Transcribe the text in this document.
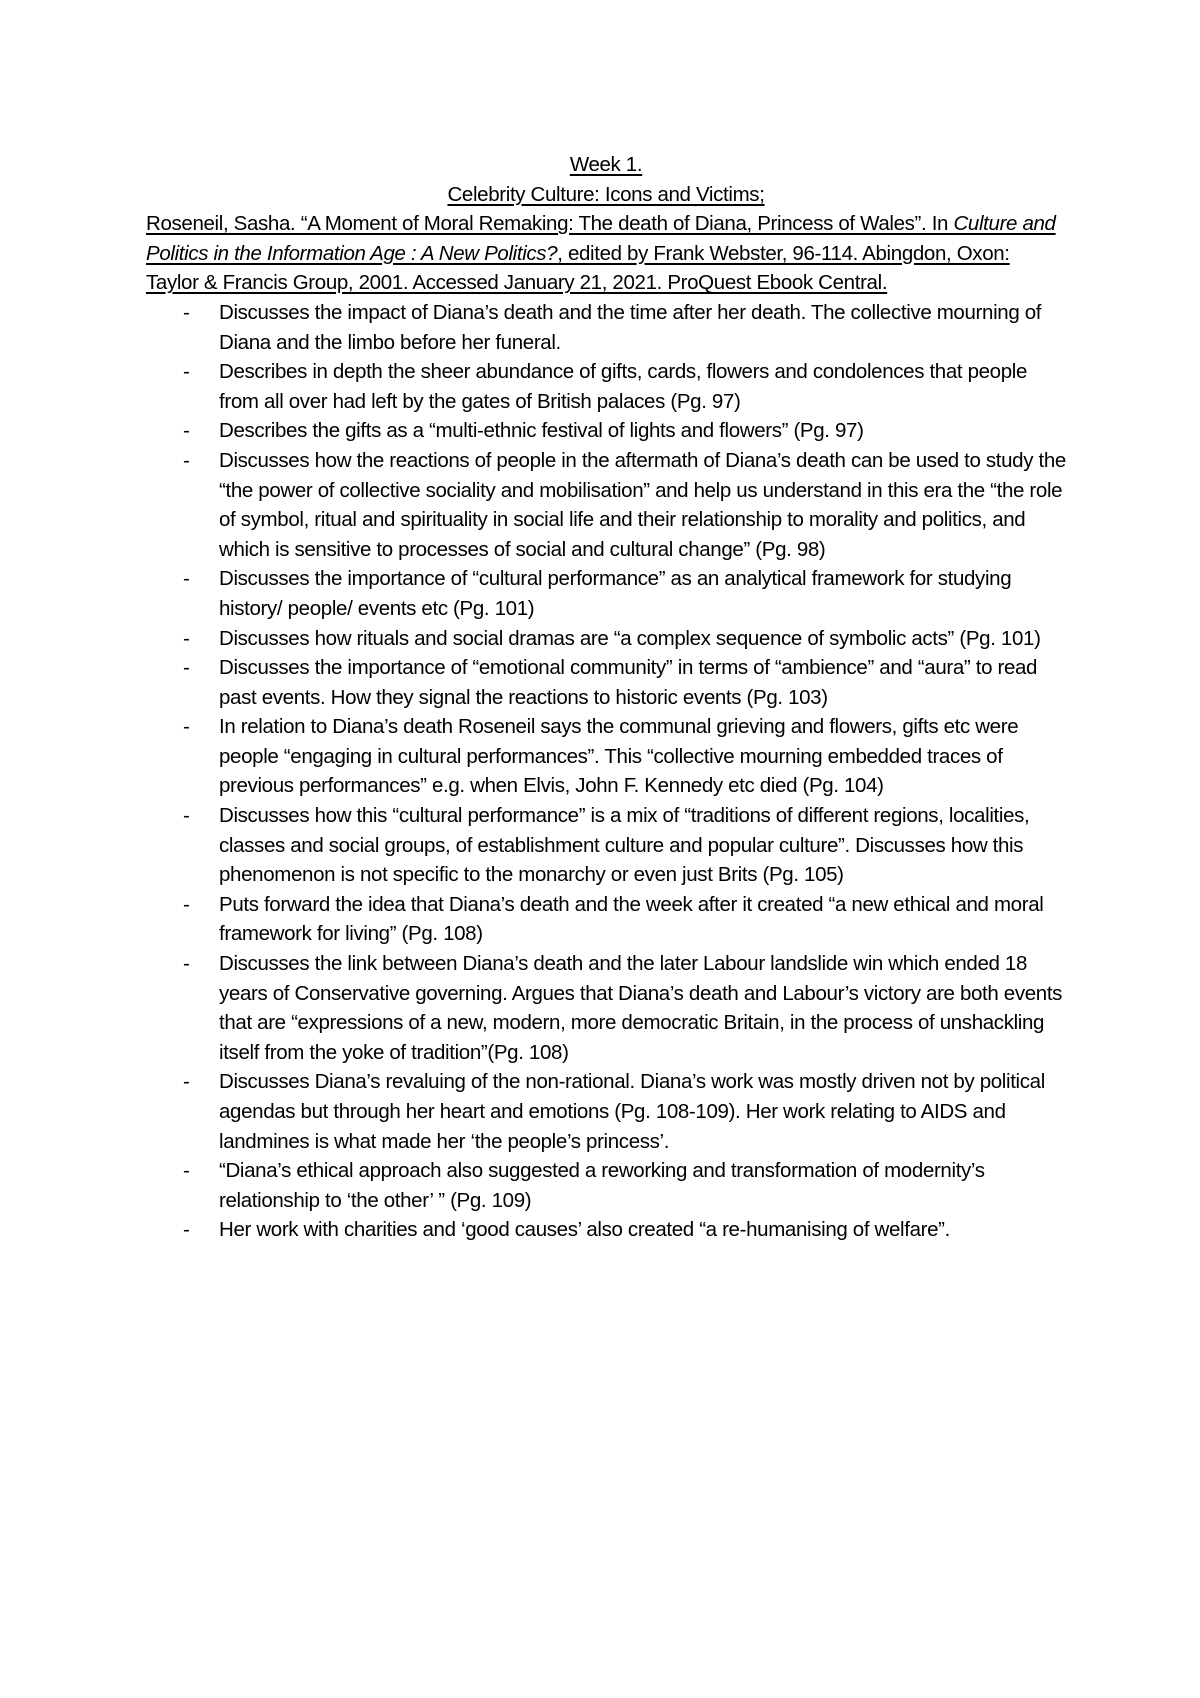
Week 1.
Celebrity Culture: Icons and Victims;
Roseneil, Sasha. “A Moment of Moral Remaking: The death of Diana, Princess of Wales”. In Culture and Politics in the Information Age : A New Politics?, edited by Frank Webster, 96-114. Abingdon, Oxon: Taylor & Francis Group, 2001. Accessed January 21, 2021. ProQuest Ebook Central.
- Discusses the impact of Diana’s death and the time after her death. The collective mourning of Diana and the limbo before her funeral.
- Describes in depth the sheer abundance of gifts, cards, flowers and condolences that people from all over had left by the gates of British palaces (Pg. 97)
- Describes the gifts as a “multi-ethnic festival of lights and flowers” (Pg. 97)
- Discusses how the reactions of people in the aftermath of Diana’s death can be used to study the “the power of collective sociality and mobilisation” and help us understand in this era the “the role of symbol, ritual and spirituality in social life and their relationship to morality and politics, and which is sensitive to processes of social and cultural change” (Pg. 98)
- Discusses the importance of “cultural performance” as an analytical framework for studying history/ people/ events etc (Pg. 101)
- Discusses how rituals and social dramas are “a complex sequence of symbolic acts” (Pg. 101)
- Discusses the importance of “emotional community” in terms of “ambience” and “aura” to read past events. How they signal the reactions to historic events (Pg. 103)
- In relation to Diana’s death Roseneil says the communal grieving and flowers, gifts etc were people “engaging in cultural performances”. This “collective mourning embedded traces of previous performances” e.g. when Elvis, John F. Kennedy etc died (Pg. 104)
- Discusses how this “cultural performance” is a mix of “traditions of different regions, localities, classes and social groups, of establishment culture and popular culture”. Discusses how this phenomenon is not specific to the monarchy or even just Brits (Pg. 105)
- Puts forward the idea that Diana’s death and the week after it created “a new ethical and moral framework for living” (Pg. 108)
- Discusses the link between Diana’s death and the later Labour landslide win which ended 18 years of Conservative governing. Argues that Diana’s death and Labour’s victory are both events that are “expressions of a new, modern, more democratic Britain, in the process of unshackling itself from the yoke of tradition”(Pg. 108)
- Discusses Diana’s revaluing of the non-rational. Diana’s work was mostly driven not by political agendas but through her heart and emotions (Pg. 108-109). Her work relating to AIDS and landmines is what made her ‘the people’s princess’.
- “Diana’s ethical approach also suggested a reworking and transformation of modernity’s relationship to ‘the other’ ” (Pg. 109)
- Her work with charities and ‘good causes’ also created “a re-humanising of welfare”.
